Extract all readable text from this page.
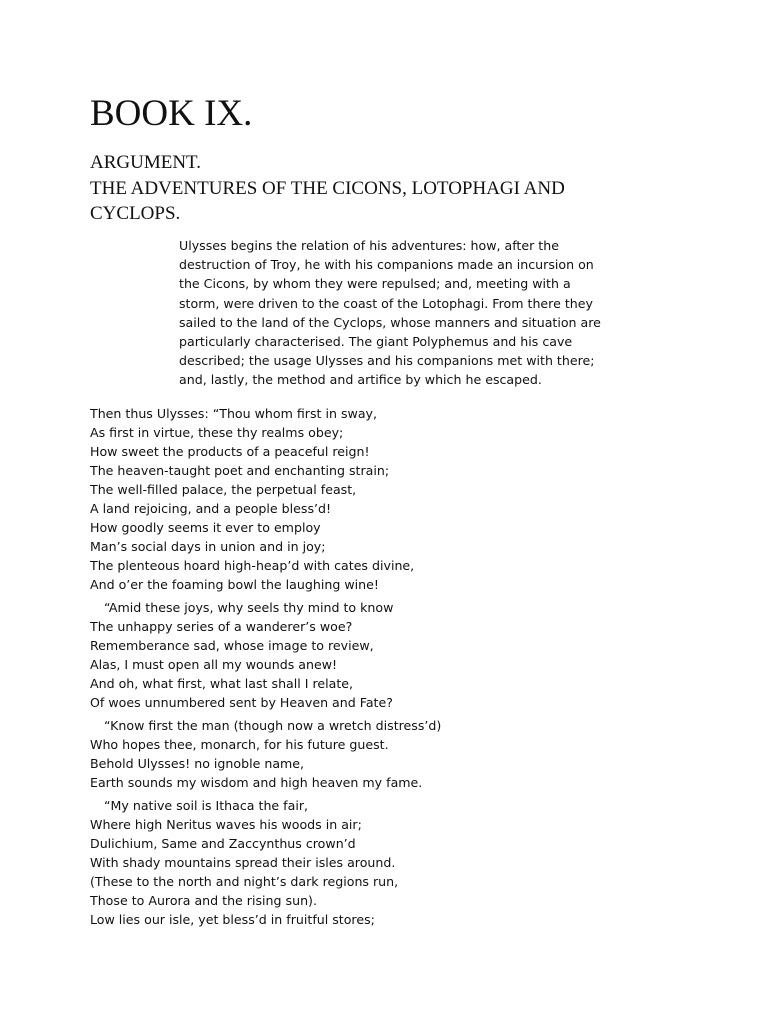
BOOK IX.
ARGUMENT.
THE ADVENTURES OF THE CICONS, LOTOPHAGI AND
CYCLOPS.
Ulysses begins the relation of his adventures: how, after the
destruction of Troy, he with his companions made an incursion on
the Cicons, by whom they were repulsed; and, meeting with a
storm, were driven to the coast of the Lotophagi. From there they
sailed to the land of the Cyclops, whose manners and situation are
particularly characterised. The giant Polyphemus and his cave
described; the usage Ulysses and his companions met with there;
and, lastly, the method and artifice by which he escaped.
Then thus Ulysses: “Thou whom first in sway,
As first in virtue, these thy realms obey;
How sweet the products of a peaceful reign!
The heaven-taught poet and enchanting strain;
The well-filled palace, the perpetual feast,
A land rejoicing, and a people bless’d!
How goodly seems it ever to employ
Man’s social days in union and in joy;
The plenteous hoard high-heap’d with cates divine,
And o’er the foaming bowl the laughing wine!
“Amid these joys, why seels thy mind to know
The unhappy series of a wanderer’s woe?
Rememberance sad, whose image to review,
Alas, I must open all my wounds anew!
And oh, what first, what last shall I relate,
Of woes unnumbered sent by Heaven and Fate?
“Know first the man (though now a wretch distress’d)
Who hopes thee, monarch, for his future guest.
Behold Ulysses! no ignoble name,
Earth sounds my wisdom and high heaven my fame.
“My native soil is Ithaca the fair,
Where high Neritus waves his woods in air;
Dulichium, Same and Zaccynthus crown’d
With shady mountains spread their isles around.
(These to the north and night’s dark regions run,
Those to Aurora and the rising sun).
Low lies our isle, yet bless’d in fruitful stores;
